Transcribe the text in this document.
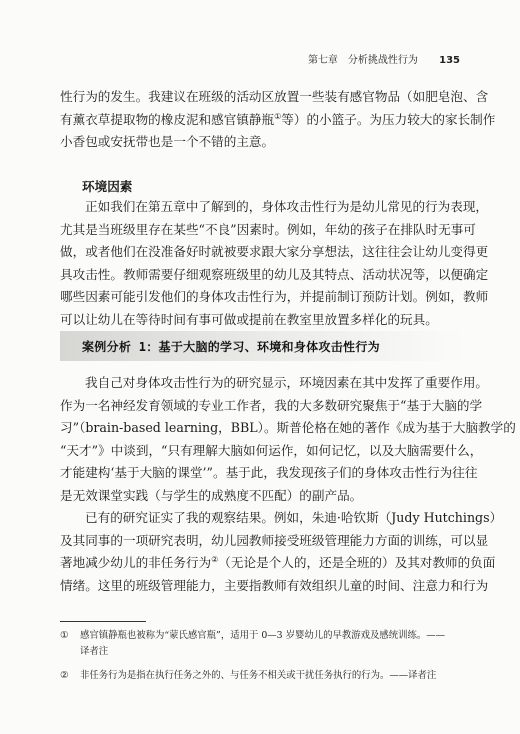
第七章　分析挑战性行为 135
性行为的发生。我建议在班级的活动区放置一些装有感官物品（如肥皂泡、含
有薰衣草提取物的橡皮泥和感官镇静瓶①等）的小篮子。为压力较大的家长制作
小香包或安抚带也是一个不错的主意。
环境因素
正如我们在第五章中了解到的，身体攻击性行为是幼儿常见的行为表现，
尤其是当班级里存在某些“不良”因素时。例如，年幼的孩子在排队时无事可
做，或者他们在没准备好时就被要求跟大家分享想法，这往往会让幼儿变得更
具攻击性。教师需要仔细观察班级里的幼儿及其特点、活动状况等，以便确定
哪些因素可能引发他们的身体攻击性行为，并提前制订预防计划。例如，教师
可以让幼儿在等待时间有事可做或提前在教室里放置多样化的玩具。
案例分析 1：基于大脑的学习、环境和身体攻击性行为
我自己对身体攻击性行为的研究显示，环境因素在其中发挥了重要作用。
作为一名神经发育领域的专业工作者，我的大多数研究聚焦于“基于大脑的学
习”（brain-based learning，BBL）。斯普伦格在她的著作《成为基于大脑教学的
“天才”》中谈到，“只有理解大脑如何运作，如何记忆，以及大脑需要什么，
才能建构‘基于大脑的课堂’”。基于此，我发现孩子们的身体攻击性行为往往
是无效课堂实践（与学生的成熟度不匹配）的副产品。
已有的研究证实了我的观察结果。例如，朱迪·哈钦斯（Judy Hutchings）
及其同事的一项研究表明，幼儿园教师接受班级管理能力方面的训练，可以显
著地减少幼儿的非任务行为②（无论是个人的，还是全班的）及其对教师的负面
情绪。这里的班级管理能力，主要指教师有效组织儿童的时间、注意力和行为
① 感官镇静瓶也被称为“蒙氏感官瓶”，适用于 0—3 岁婴幼儿的早教游戏及感统训练。——
译者注
② 非任务行为是指在执行任务之外的、与任务不相关或干扰任务执行的行为。——译者注
